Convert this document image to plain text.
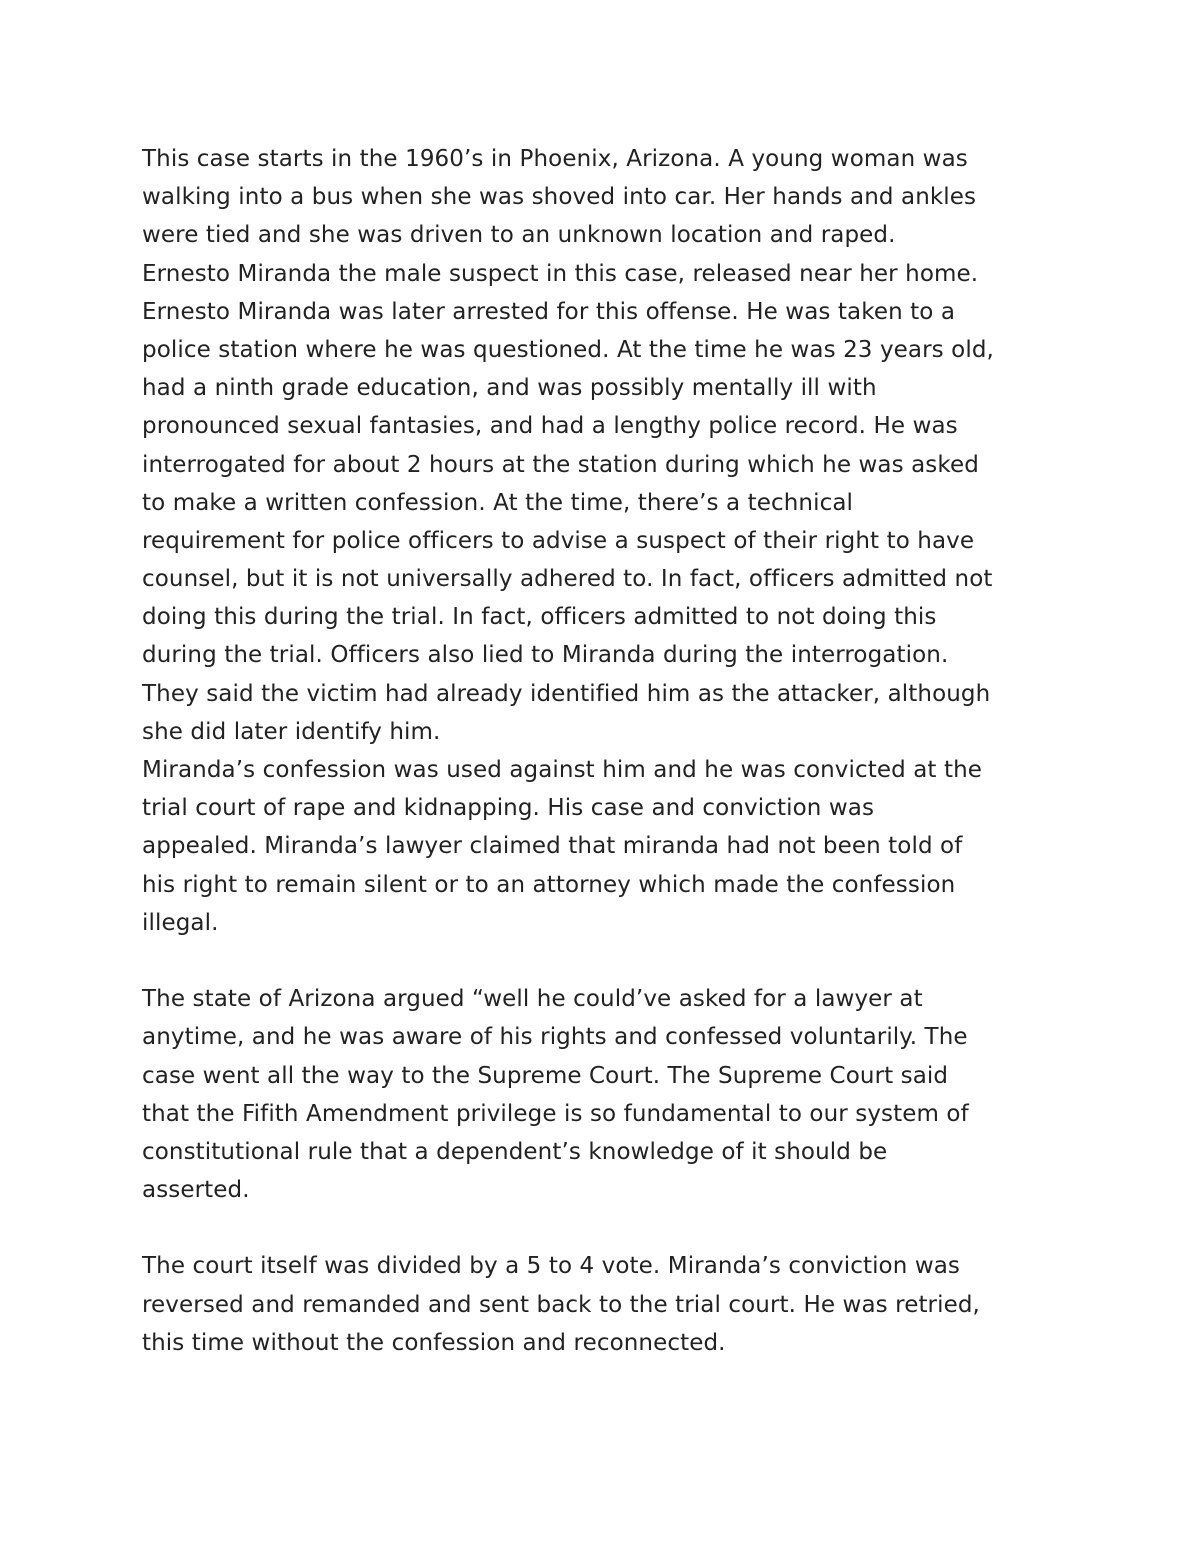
This case starts in the 1960’s in Phoenix, Arizona. A young woman was
walking into a bus when she was shoved into car. Her hands and ankles
were tied and she was driven to an unknown location and raped.
Ernesto Miranda the male suspect in this case, released near her home.
Ernesto Miranda was later arrested for this offense. He was taken to a
police station where he was questioned. At the time he was 23 years old,
had a ninth grade education, and was possibly mentally ill with
pronounced sexual fantasies, and had a lengthy police record. He was
interrogated for about 2 hours at the station during which he was asked
to make a written confession. At the time, there’s a technical
requirement for police officers to advise a suspect of their right to have
counsel, but it is not universally adhered to. In fact, officers admitted not
doing this during the trial. In fact, officers admitted to not doing this
during the trial. Officers also lied to Miranda during the interrogation.
They said the victim had already identified him as the attacker, although
she did later identify him.
Miranda’s confession was used against him and he was convicted at the
trial court of rape and kidnapping. His case and conviction was
appealed. Miranda’s lawyer claimed that miranda had not been told of
his right to remain silent or to an attorney which made the confession
illegal.
The state of Arizona argued “well he could’ve asked for a lawyer at
anytime, and he was aware of his rights and confessed voluntarily. The
case went all the way to the Supreme Court. The Supreme Court said
that the Fifith Amendment privilege is so fundamental to our system of
constitutional rule that a dependent’s knowledge of it should be
asserted.
The court itself was divided by a 5 to 4 vote. Miranda’s conviction was
reversed and remanded and sent back to the trial court. He was retried,
this time without the confession and reconnected.
